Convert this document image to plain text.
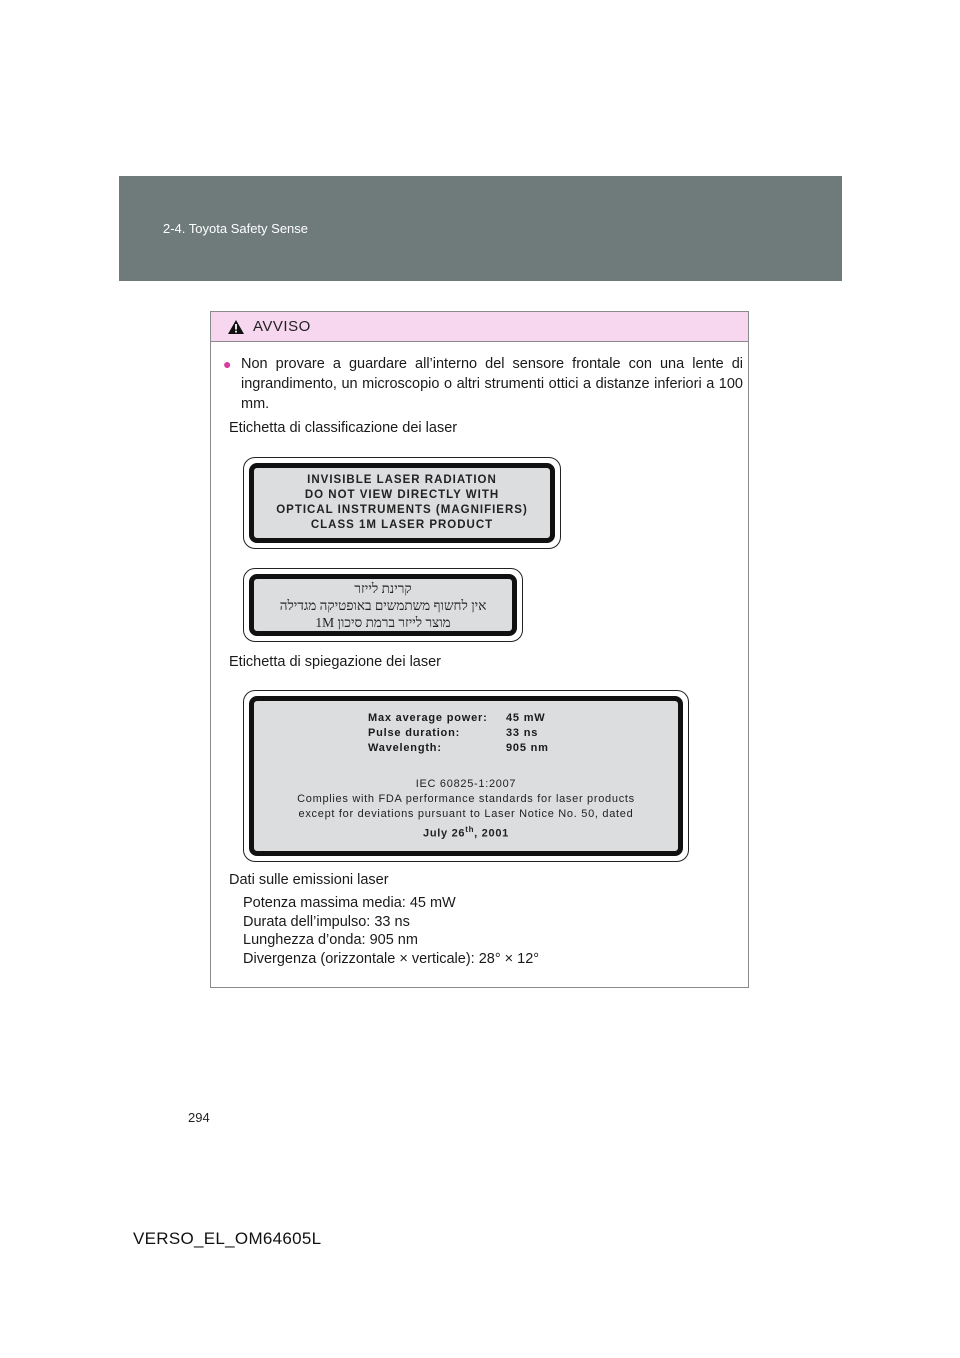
2-4. Toyota Safety Sense
AVVISO
● Non provare a guardare all’interno del sensore frontale con una lente di ingrandimento, un microscopio o altri strumenti ottici a distanze inferiori a 100 mm.
Etichetta di classificazione dei laser
INVISIBLE LASER RADIATION
DO NOT VIEW DIRECTLY WITH
OPTICAL INSTRUMENTS (MAGNIFIERS)
CLASS 1M LASER PRODUCT
קרינת לייזר
אין לחשוף משתמשים באופטיקה מגדילה
מוצר לייזר ברמת סיכון 1M
Etichetta di spiegazione dei laser
Max average power:	45 mW
Pulse duration:	33 ns
Wavelength:	905 nm
IEC 60825-1:2007
Complies with FDA performance standards for laser products
except for deviations pursuant to Laser Notice No. 50, dated
July 26th, 2001
Dati sulle emissioni laser
Potenza massima media: 45 mW
Durata dell’impulso: 33 ns
Lunghezza d’onda: 905 nm
Divergenza (orizzontale × verticale): 28° × 12°
294
VERSO_EL_OM64605L
